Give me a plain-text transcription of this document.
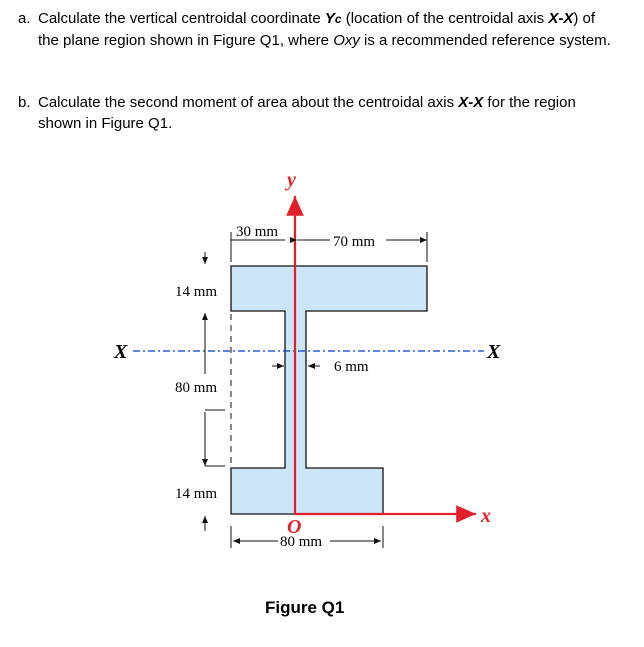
a. Calculate the vertical centroidal coordinate Yc (location of the centroidal axis X-X) of the plane region shown in Figure Q1, where Oxy is a recommended reference system.

b. Calculate the second moment of area about the centroidal axis X-X for the region shown in Figure Q1.

30 mm
70 mm
14 mm
80 mm
14 mm
6 mm
80 mm
y
x
O
X	X
Figure Q1
